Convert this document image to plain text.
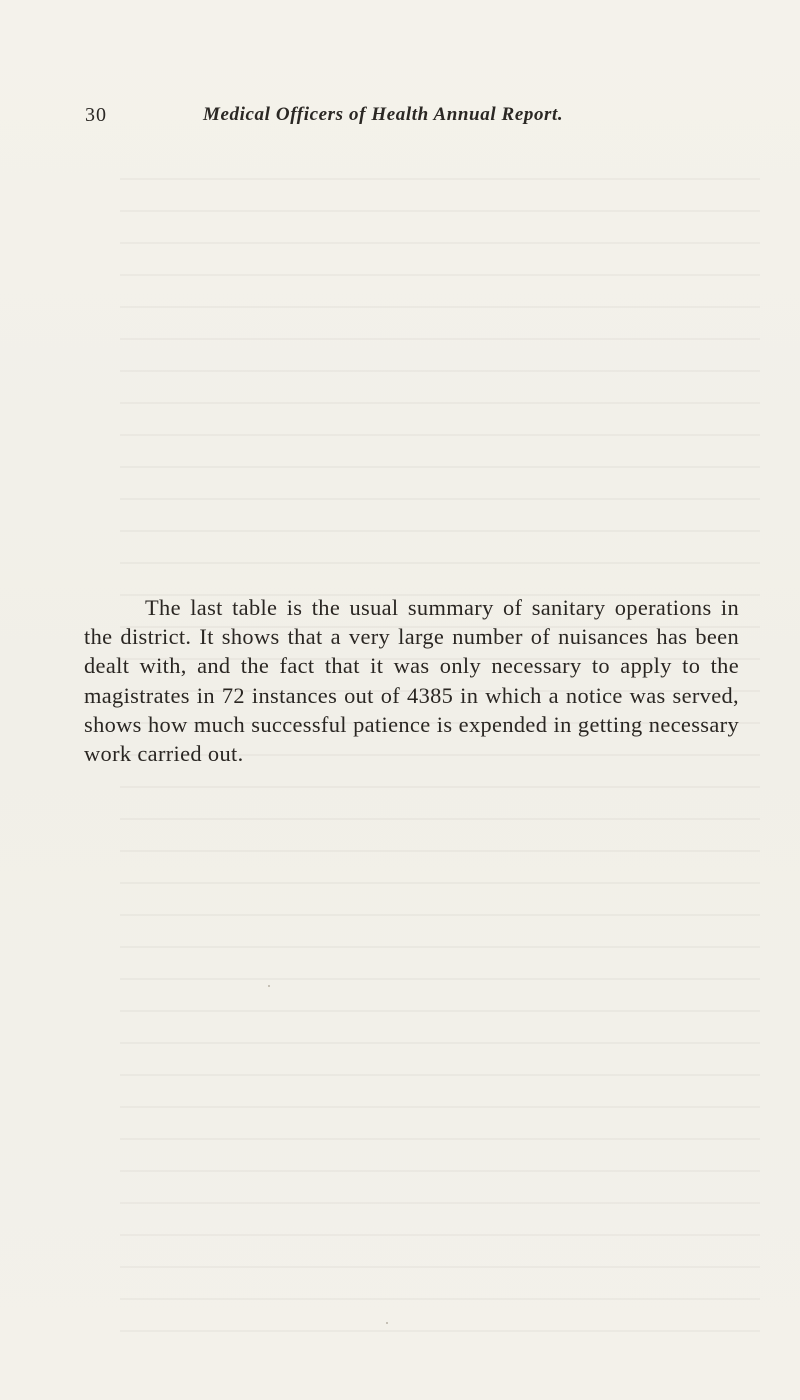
30	Medical Officers of Health Annual Report.

The last table is the usual summary of sanitary operations in the district. It shows that a very large number of nuisances has been dealt with, and the fact that it was only necessary to apply to the magistrates in 72 instances out of 4385 in which a notice was served, shows how much successful patience is expended in getting necessary work carried out.
